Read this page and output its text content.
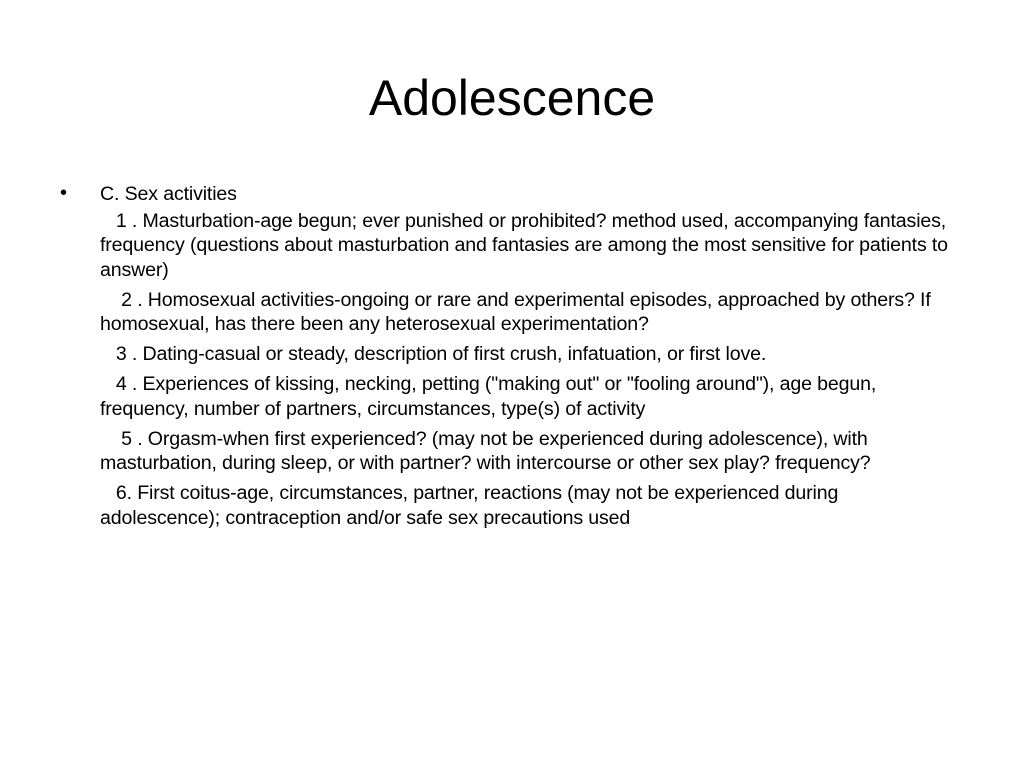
Adolescence
• C. Sex activities

1 . Masturbation-age begun; ever punished or prohibited? method used, accompanying fantasies, frequency (questions about masturbation and fantasies are among the most sensitive for patients to answer)

2 . Homosexual activities-ongoing or rare and experimental episodes, approached by others? If homosexual, has there been any heterosexual experimentation?

3 . Dating-casual or steady, description of first crush, infatuation, or first love.

4 . Experiences of kissing, necking, petting ("making out" or "fooling around"), age begun, frequency, number of partners, circumstances, type(s) of activity

5 . Orgasm-when first experienced? (may not be experienced during adolescence), with masturbation, during sleep, or with partner? with intercourse or other sex play? frequency?

6. First coitus-age, circumstances, partner, reactions (may not be experienced during adolescence); contraception and/or safe sex precautions used
